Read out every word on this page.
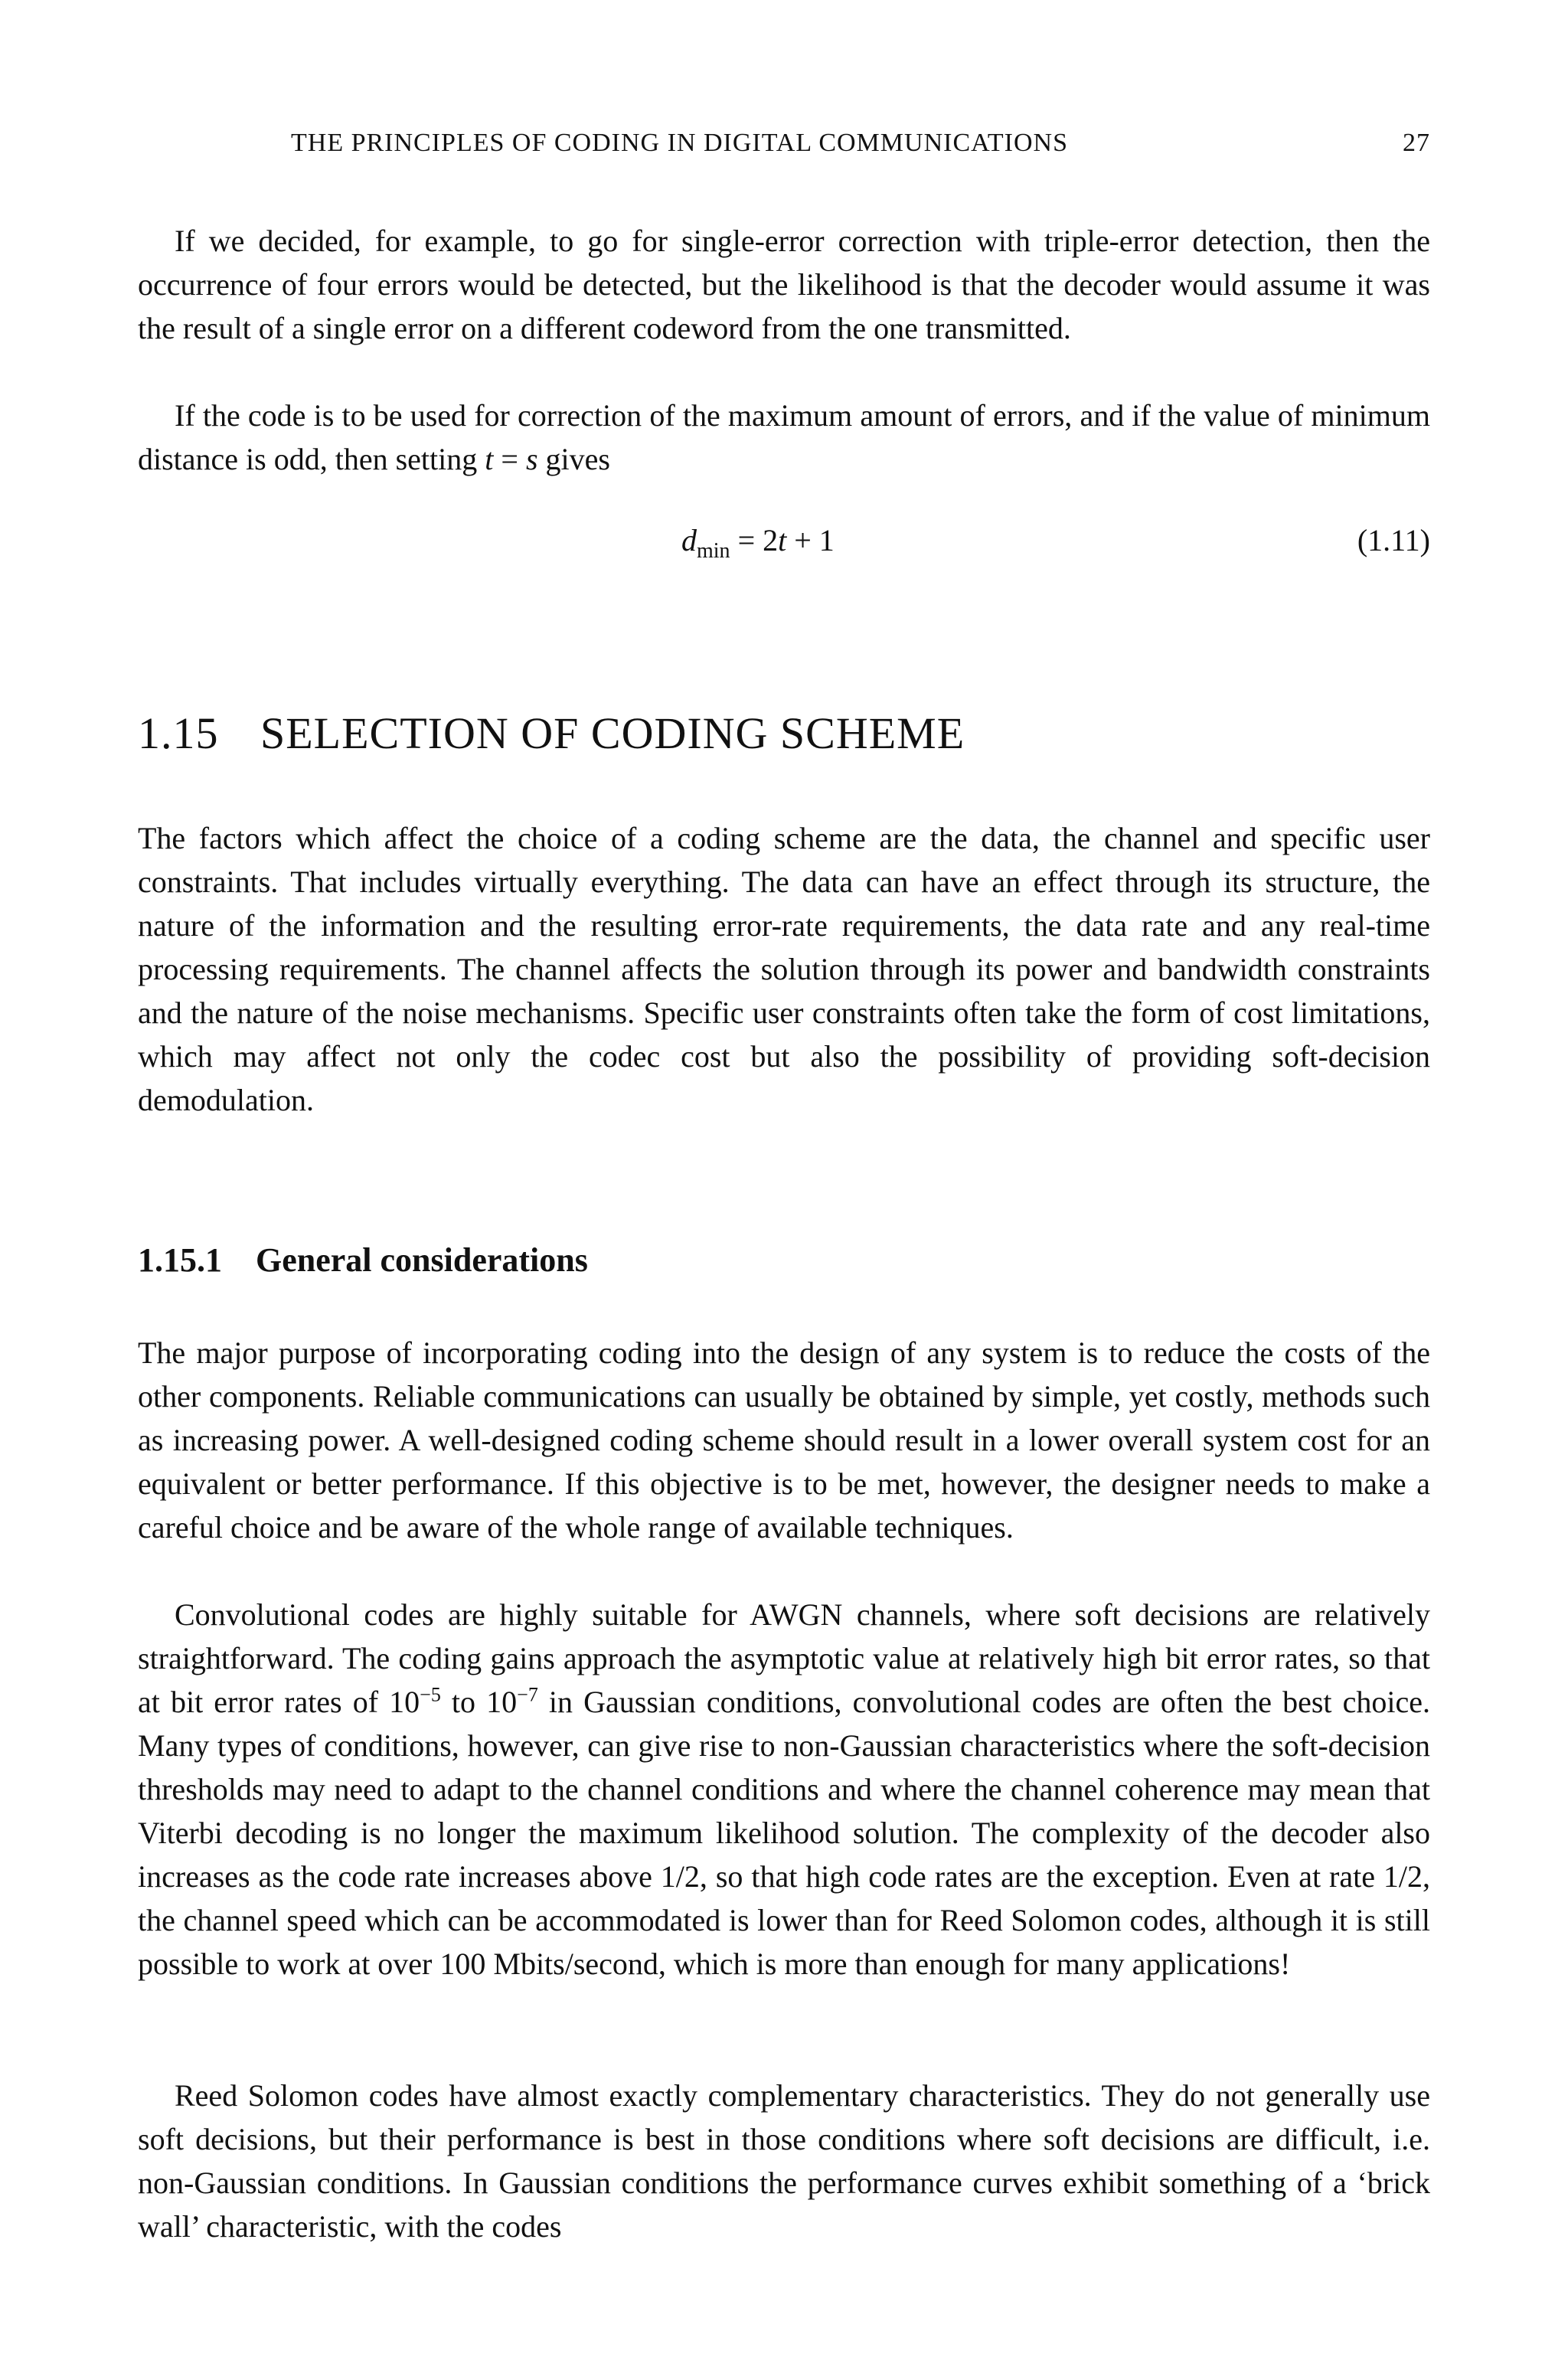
THE PRINCIPLES OF CODING IN DIGITAL COMMUNICATIONS	27

If we decided, for example, to go for single-error correction with triple-error detection, then the occurrence of four errors would be detected, but the likelihood is that the decoder would assume it was the result of a single error on a different codeword from the one transmitted.

If the code is to be used for correction of the maximum amount of errors, and if the value of minimum distance is odd, then setting t = s gives

$d_{min} = 2t + 1$	(1.11)
1.15 SELECTION OF CODING SCHEME

The factors which affect the choice of a coding scheme are the data, the channel and specific user constraints. That includes virtually everything. The data can have an effect through its structure, the nature of the information and the resulting error-rate requirements, the data rate and any real-time processing requirements. The channel affects the solution through its power and bandwidth constraints and the nature of the noise mechanisms. Specific user constraints often take the form of cost limitations, which may affect not only the codec cost but also the possibility of providing soft-decision demodulation.

1.15.1 General considerations

The major purpose of incorporating coding into the design of any system is to reduce the costs of the other components. Reliable communications can usually be obtained by simple, yet costly, methods such as increasing power. A well-designed coding scheme should result in a lower overall system cost for an equivalent or better performance. If this objective is to be met, however, the designer needs to make a careful choice and be aware of the whole range of available techniques.

Convolutional codes are highly suitable for AWGN channels, where soft decisions are relatively straightforward. The coding gains approach the asymptotic value at relatively high bit error rates, so that at bit error rates of $10^{-5}$ to $10^{-7}$ in Gaussian conditions, convolutional codes are often the best choice. Many types of conditions, however, can give rise to non-Gaussian characteristics where the soft-decision thresholds may need to adapt to the channel conditions and where the channel coherence may mean that Viterbi decoding is no longer the maximum likelihood solution. The complexity of the decoder also increases as the code rate increases above 1/2, so that high code rates are the exception. Even at rate 1/2, the channel speed which can be accommodated is lower than for Reed Solomon codes, although it is still possible to work at over 100 Mbits/second, which is more than enough for many applications!

Reed Solomon codes have almost exactly complementary characteristics. They do not generally use soft decisions, but their performance is best in those conditions where soft decisions are difficult, i.e. non-Gaussian conditions. In Gaussian conditions the performance curves exhibit something of a ‘brick wall’ characteristic, with the codes
